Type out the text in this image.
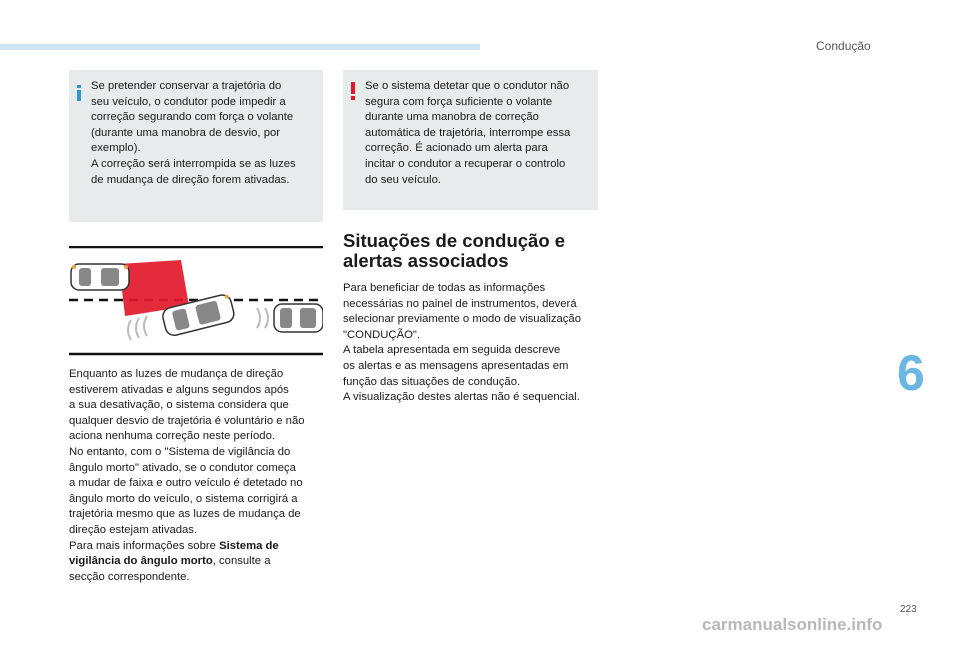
Condução
Se pretender conservar a trajetória do
seu veículo, o condutor pode impedir a
correção segurando com força o volante
(durante uma manobra de desvio, por
exemplo).
A correção será interrompida se as luzes
de mudança de direção forem ativadas.
Se o sistema detetar que o condutor não
segura com força suficiente o volante
durante uma manobra de correção
automática de trajetória, interrompe essa
correção. É acionado um alerta para
incitar o condutor a recuperar o controlo
do seu veículo.
Enquanto as luzes de mudança de direção
estiverem ativadas e alguns segundos após
a sua desativação, o sistema considera que
qualquer desvio de trajetória é voluntário e não
aciona nenhuma correção neste período.
No entanto, com o "Sistema de vigilância do
ângulo morto" ativado, se o condutor começa
a mudar de faixa e outro veículo é detetado no
ângulo morto do veículo, o sistema corrigirá a
trajetória mesmo que as luzes de mudança de
direção estejam ativadas.
Para mais informações sobre Sistema de
vigilância do ângulo morto, consulte a
secção correspondente.
Situações de condução e
alertas associados
Para beneficiar de todas as informações
necessárias no painel de instrumentos, deverá
selecionar previamente o modo de visualização
"CONDUÇÃO".
A tabela apresentada em seguida descreve
os alertas e as mensagens apresentadas em
função das situações de condução.
A visualização destes alertas não é sequencial.	6
223
carmanualsonline.info
